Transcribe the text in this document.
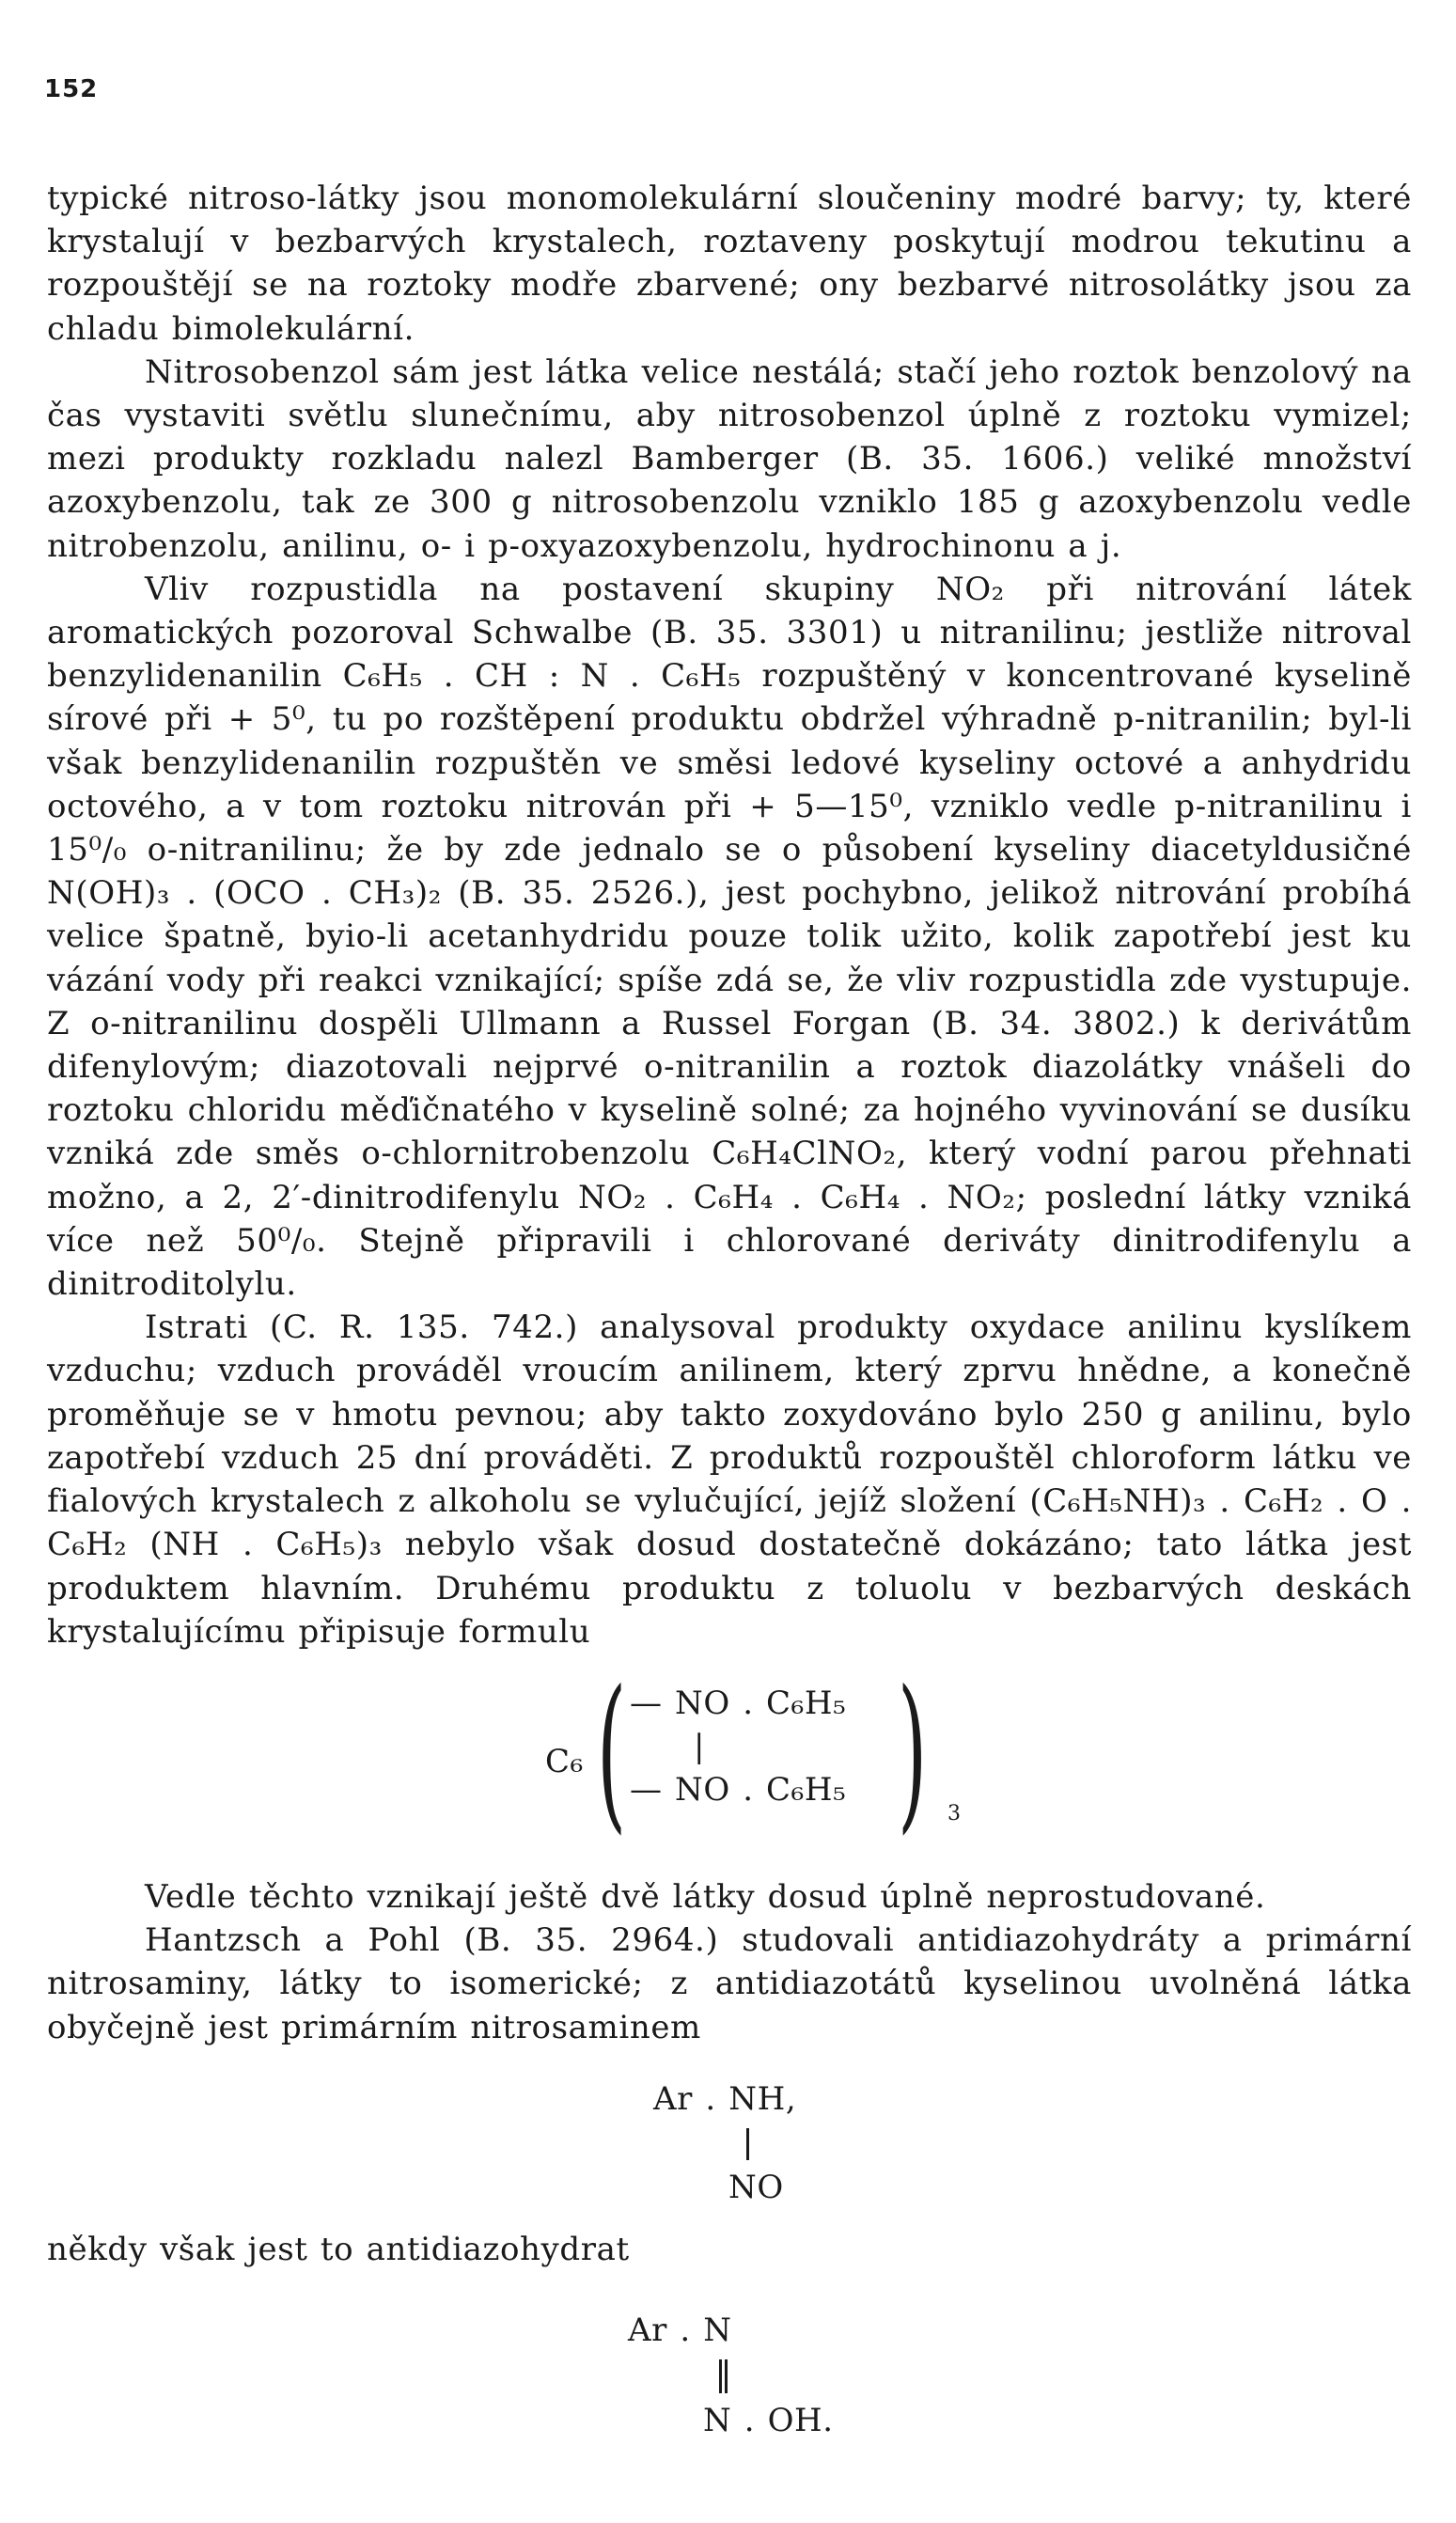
152

typické nitroso-látky jsou monomolekulární sloučeniny modré barvy; ty, které krystalují v bezbarvých krystalech, roztaveny poskytují modrou tekutinu a rozpouštějí se na roztoky modře zbarvené; ony bezbarvé nitrosolátky jsou za chladu bimolekulární.

Nitrosobenzol sám jest látka velice nestálá; stačí jeho roztok benzolový na čas vystaviti světlu slunečnímu, aby nitrosobenzol úplně z roztoku vymizel; mezi produkty rozkladu nalezl Bamberger (B. 35. 1606.) veliké množství azoxybenzolu, tak ze 300 g nitrosobenzolu vzniklo 185 g azoxybenzolu vedle nitrobenzolu, anilinu, o- i p-oxyazoxybenzolu, hydrochinonu a j.

Vliv rozpustidla na postavení skupiny NO₂ při nitrování látek aromatických pozoroval Schwalbe (B. 35. 3301) u nitranilinu; jestliže nitroval benzylidenanilin C₆H₅ . CH : N . C₆H₅ rozpuštěný v koncentrované kyselině sírové při + 5⁰, tu po rozštěpení produktu obdržel výhradně p-nitranilin; byl-li však benzylidenanilin rozpuštěn ve směsi ledové kyseliny octové a anhydridu octového, a v tom roztoku nitrován při + 5—15⁰, vzniklo vedle p-nitranilinu i 15⁰/₀ o-nitranilinu; že by zde jednalo se o působení kyseliny diacetyldusičné N(OH)₃ . (OCO . CH₃)₂ (B. 35. 2526.), jest pochybno, jelikož nitrování probíhá velice špatně, byio-li acetanhydridu pouze tolik užito, kolik zapotřebí jest ku vázání vody při reakci vznikající; spíše zdá se, že vliv rozpustidla zde vystupuje. Z o-nitranilinu dospěli Ullmann a Russel Forgan (B. 34. 3802.) k derivátům difenylovým; diazotovali nejprvé o-nitranilin a roztok diazolátky vnášeli do roztoku chloridu měďičnatého v kyselině solné; za hojného vyvinování se dusíku vzniká zde směs o-chlornitrobenzolu C₆H₄ClNO₂, který vodní parou přehnati možno, a 2, 2′-dinitrodifenylu NO₂ . C₆H₄ . C₆H₄ . NO₂; poslední látky vzniká více než 50⁰/₀. Stejně připravili i chlorované deriváty dinitrodifenylu a dinitroditolylu.

Istrati (C. R. 135. 742.) analysoval produkty oxydace anilinu kyslíkem vzduchu; vzduch prováděl vroucím anilinem, který zprvu hnědne, a konečně proměňuje se v hmotu pevnou; aby takto zoxydováno bylo 250 g anilinu, bylo zapotřebí vzduch 25 dní prováděti. Z produktů rozpouštěl chloroform látku ve fialových krystalech z alkoholu se vylučující, jejíž složení (C₆H₅NH)₃ . C₆H₂ . O . C₆H₂ (NH . C₆H₅)₃ nebylo však dosud dostatečně dokázáno; tato látka jest produktem hlavním. Druhému produktu z toluolu v bezbarvých deskách krystalujícímu připisuje formulu

C₆ ( — NO . C₆H₅
|
— NO . C₆H₅ ) 3

Vedle těchto vznikají ještě dvě látky dosud úplně neprostudované.

Hantzsch a Pohl (B. 35. 2964.) studovali antidiazohydráty a primární nitrosaminy, látky to isomerické; z antidiazotátů kyselinou uvolněná látka obyčejně jest primárním nitrosaminem

Ar . NH,
NO

někdy však jest to antidiazohydrat

Ar . N
N . OH.
